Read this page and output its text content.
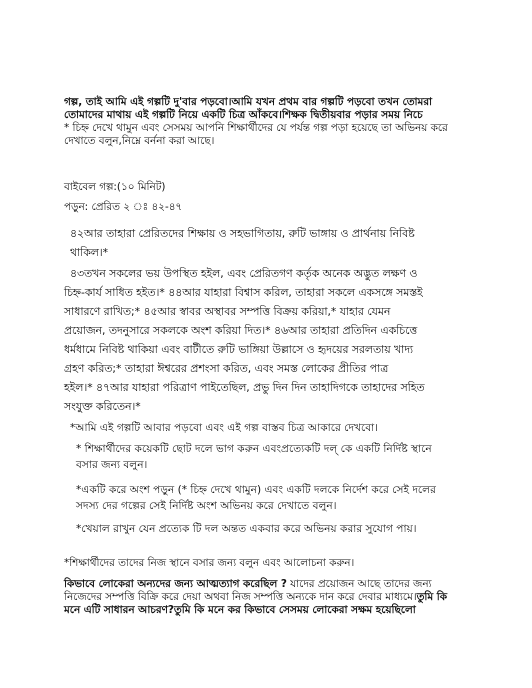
গল্প, তাই আমি এই গল্পটি দু'বার পড়বো।আমি যখন প্রথম বার গল্পটি পড়বো তখন তোমরা

তোমাদের মাথায় এই গল্পটি নিয়ে একটি চিত্র আঁকবে।শিক্ষক দ্বিতীয়বার পড়ার সময় নিচে

* চিহ্ন দেখে থামুন এবং সেসময় আপনি শিক্ষার্থীদের যে পর্যন্ত গল্প পড়া হয়েছে তা অভিনয় করে

দেখাতে বলুন,নিম্নে বর্ননা করা আছে।

বাইবেল গল্প:(১০ মিনিট)

পড়ুন: প্রেরিত ২ ঃ ৪২-৪৭

৪২আর তাহারা প্রেরিতদের শিক্ষায় ও সহভাগিতায়, রুটি ভাঙ্গায় ও প্রার্থনায় নিবিষ্ট

থাকিল।*

৪৩তখন সকলের ভয় উপস্থিত হইল, এবং প্রেরিতগণ কর্তৃক অনেক অদ্ভুত লক্ষণ ও

চিহ্ন-কার্য সাধিত হইত।* ৪৪আর যাহারা বিশ্বাস করিল, তাহারা সকলে একসঙ্গে সমস্তই

সাধারণে রাখিত;* ৪৫আর স্বাবর অস্থাবর সম্পত্তি বিক্রয় করিয়া,* যাহার যেমন

প্রয়োজন, তদনুসারে সকলকে অংশ করিয়া দিত।* ৪৬আর তাহারা প্রতিদিন একচিত্তে

ধর্মধামে নিবিষ্ট থাকিয়া এবং বাটীতে রুটি ভাঙ্গিয়া উল্লাসে ও হৃদয়ের সরলতায় খাদ্য

গ্রহণ করিত;* তাহারা ঈশ্বরের প্রশংসা করিত, এবং সমস্ত লোকের প্রীতির পাত্র

হইল।* ৪৭আর যাহারা পরিত্রাণ পাইতেছিল, প্রভু দিন দিন তাহাদিগকে তাহাদের সহিত

সংযুক্ত করিতেন।*

*আমি এই গল্পটি আবার পড়বো এবং এই গল্প বাস্তব চিত্র আকারে দেখবো।

* শিক্ষার্থীদের কয়েকটি ছোট দলে ভাগ করুন এবংপ্রত্যেকটি দল্ কে একটি নির্দিষ্ট স্থানে

বসার জন্য বলুন।

*একটি করে অংশ পড়ুন (* চিহ্ন দেখে থামুন) এবং একটি দলকে নির্দেশ করে সেই দলের

সদস্য দের গল্পের সেই নির্দিষ্ট অংশ অভিনয় করে দেখাতে বলুন।

*খেয়াল রাখুন যেন প্রত্যেক টি দল অন্তত একবার করে অভিনয় করার সুযোগ পায়।

*শিক্ষার্থীদের তাদের নিজ স্থানে বসার জন্য বলুন এবং আলোচনা করুন।

কিভাবে লোকেরা অন্যদের জন্য আত্মত্যাগ করেছিল ? যাদের প্রয়োজন আছে তাদের জন্য

নিজেদের সম্পত্তি বিক্রি করে দেয়া অথবা নিজ সম্পত্তি অন্যকে দান করে দেবার মাধ্যমে।তুমি কি

মনে এটি সাধারন আচরণ?তুমি কি মনে কর কিভাবে সেসময় লোকেরা সক্ষম হয়েছিলো
